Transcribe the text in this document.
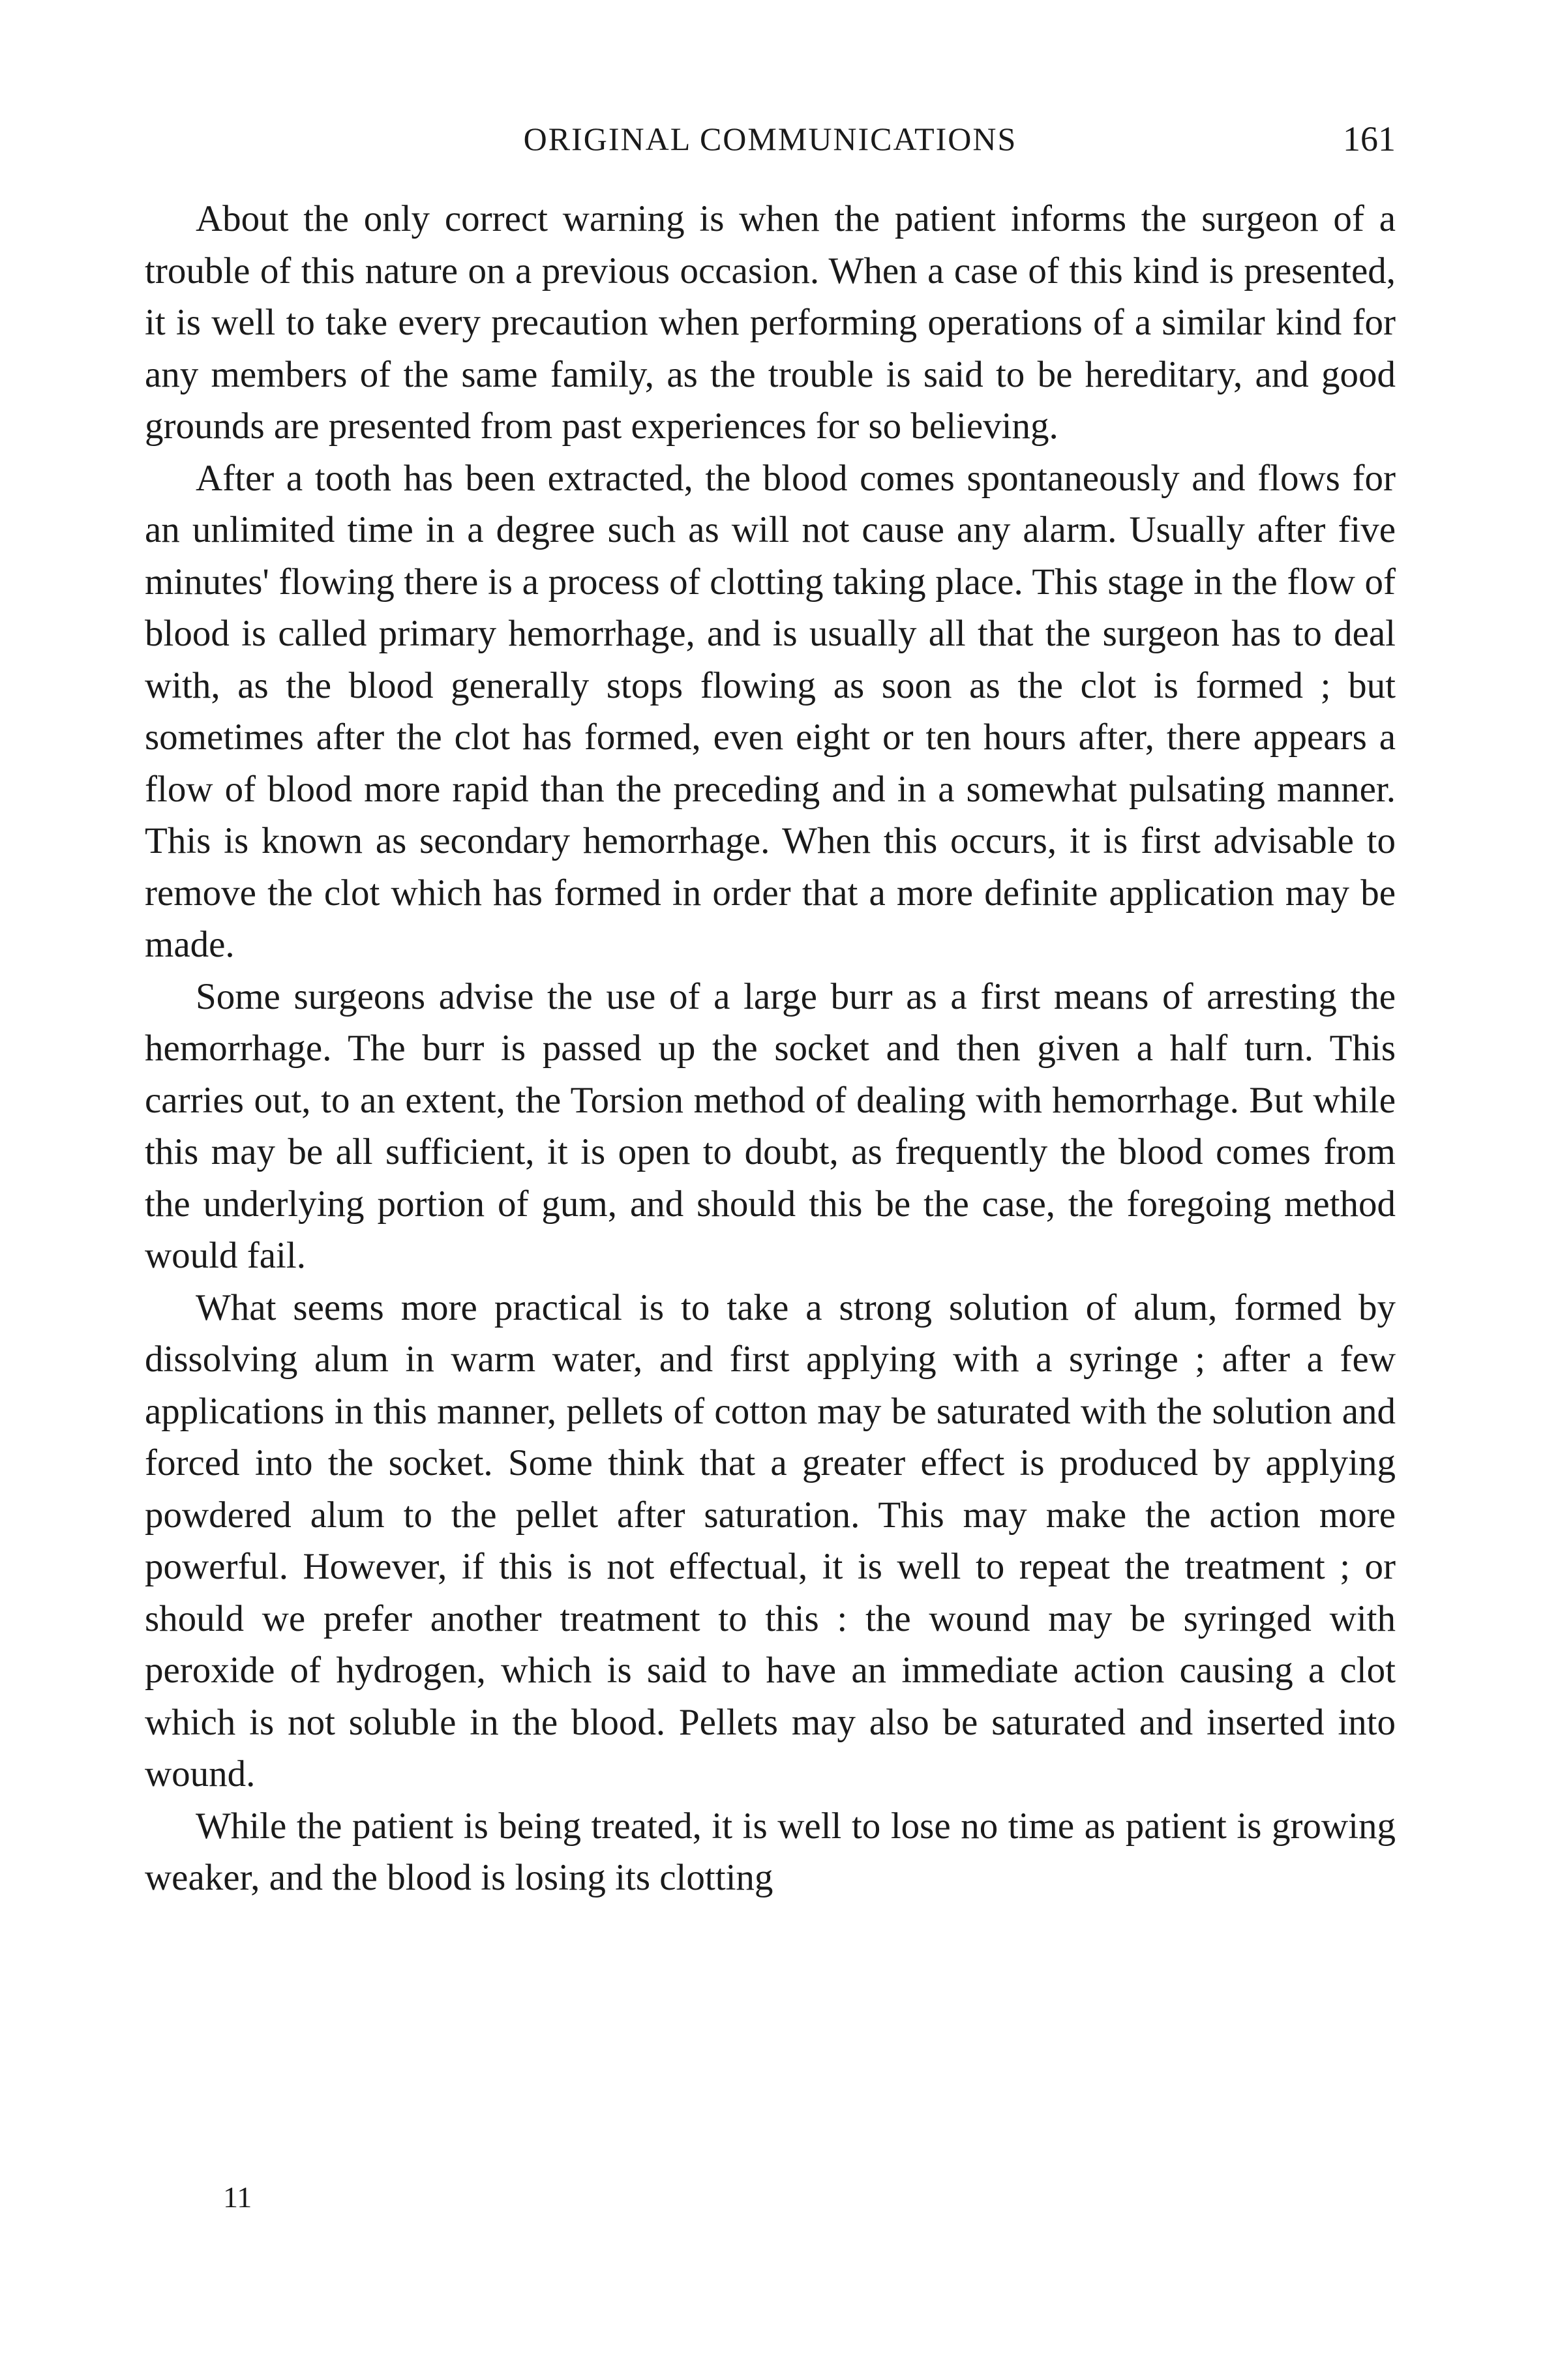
ORIGINAL COMMUNICATIONS	161

About the only correct warning is when the patient informs the surgeon of a trouble of this nature on a previous occasion. When a case of this kind is presented, it is well to take every precaution when performing operations of a similar kind for any members of the same family, as the trouble is said to be hereditary, and good grounds are presented from past experiences for so believing.

After a tooth has been extracted, the blood comes spontaneously and flows for an unlimited time in a degree such as will not cause any alarm. Usually after five minutes' flowing there is a process of clotting taking place. This stage in the flow of blood is called primary hemorrhage, and is usually all that the surgeon has to deal with, as the blood generally stops flowing as soon as the clot is formed ; but sometimes after the clot has formed, even eight or ten hours after, there appears a flow of blood more rapid than the preceding and in a somewhat pulsating manner. This is known as secondary hemorrhage. When this occurs, it is first advisable to remove the clot which has formed in order that a more definite application may be made.

Some surgeons advise the use of a large burr as a first means of arresting the hemorrhage. The burr is passed up the socket and then given a half turn. This carries out, to an extent, the Torsion method of dealing with hemorrhage. But while this may be all sufficient, it is open to doubt, as frequently the blood comes from the underlying portion of gum, and should this be the case, the foregoing method would fail.

What seems more practical is to take a strong solution of alum, formed by dissolving alum in warm water, and first applying with a syringe ; after a few applications in this manner, pellets of cotton may be saturated with the solution and forced into the socket. Some think that a greater effect is produced by applying powdered alum to the pellet after saturation. This may make the action more powerful. However, if this is not effectual, it is well to repeat the treatment ; or should we prefer another treatment to this : the wound may be syringed with peroxide of hydrogen, which is said to have an immediate action causing a clot which is not soluble in the blood. Pellets may also be saturated and inserted into wound.

While the patient is being treated, it is well to lose no time as patient is growing weaker, and the blood is losing its clotting

11
